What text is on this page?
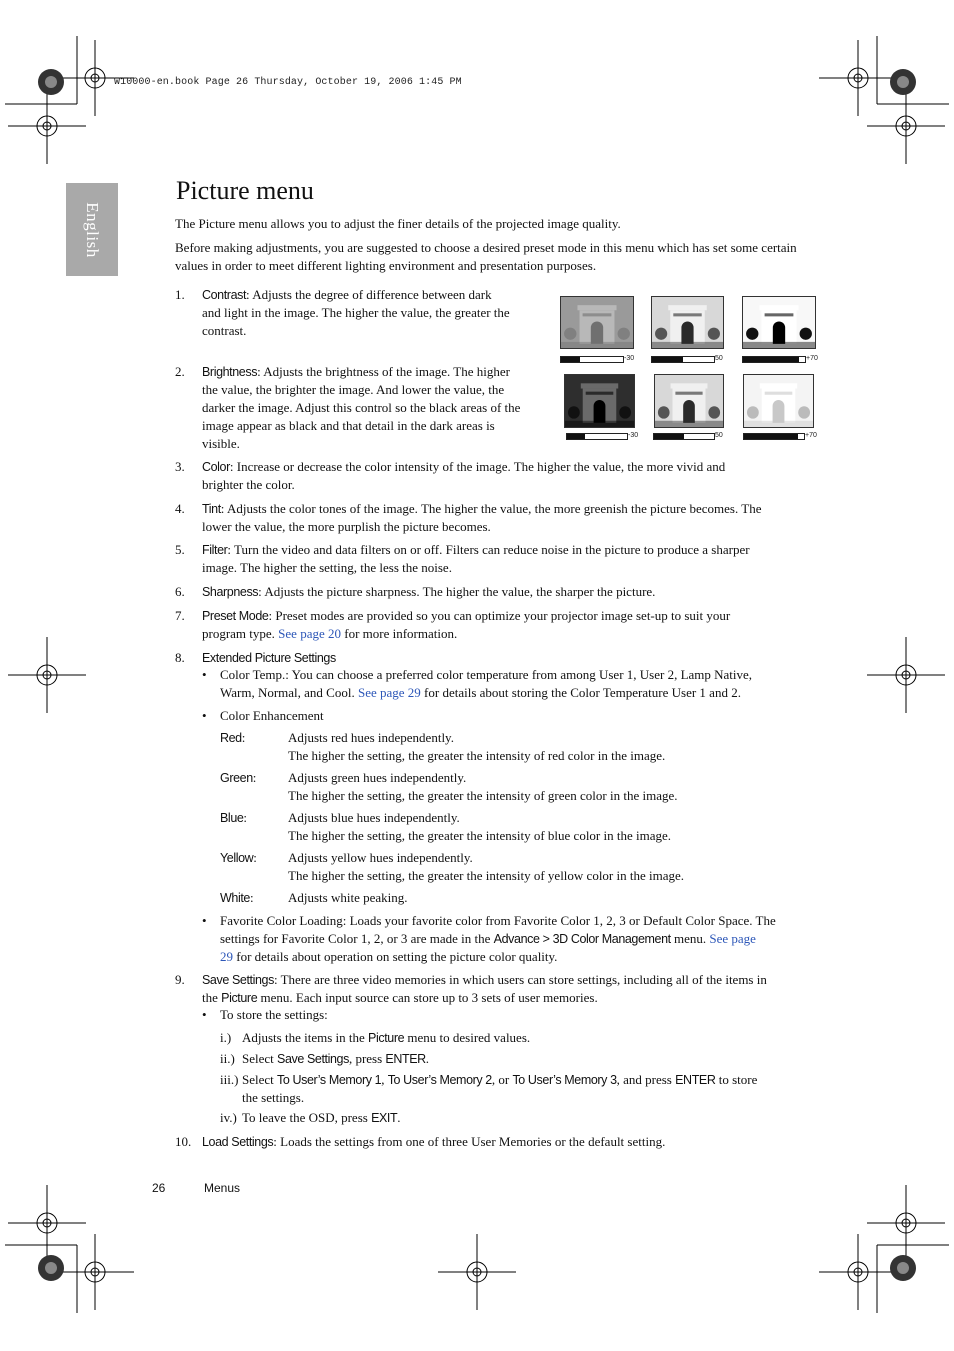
W10000-en.book Page 26 Thursday, October 19, 2006 1:45 PM
English
Picture menu

The Picture menu allows you to adjust the finer details of the projected image quality.

Before making adjustments, you are suggested to choose a desired preset mode in this menu which has set some certain values in order to meet different lighting environment and presentation purposes.

-30	50	+70
-30	50	+70
1.	Contrast: Adjusts the degree of difference between dark
and light in the image. The higher the value, the greater the
contrast.
2.	Brightness: Adjusts the brightness of the image. The higher
the value, the brighter the image. And lower the value, the
darker the image. Adjust this control so the black areas of the
image appear as black and that detail in the dark areas is
visible.
3.	Color: Increase or decrease the color intensity of the image. The higher the value, the more vivid and
brighter the color.
4.	Tint: Adjusts the color tones of the image. The higher the value, the more greenish the picture becomes. The
lower the value, the more purplish the picture becomes.
5.	Filter: Turn the video and data filters on or off. Filters can reduce noise in the picture to produce a sharper
image. The higher the setting, the less the noise.
6.	Sharpness: Adjusts the picture sharpness. The higher the value, the sharper the picture.
7.	Preset Mode: Preset modes are provided so you can optimize your projector image set-up to suit your
program type. See page 20 for more information.
8.	Extended Picture Settings
• Color Temp.: You can choose a preferred color temperature from among User 1, User 2, Lamp Native,
Warm, Normal, and Cool. See page 29 for details about storing the Color Temperature User 1 and 2.
• Color Enhancement
Red:	Adjusts red hues independently.
The higher the setting, the greater the intensity of red color in the image.
Green:	Adjusts green hues independently.
The higher the setting, the greater the intensity of green color in the image.
Blue:	Adjusts blue hues independently.
The higher the setting, the greater the intensity of blue color in the image.
Yellow:	Adjusts yellow hues independently.
The higher the setting, the greater the intensity of yellow color in the image.
White:	Adjusts white peaking.
• Favorite Color Loading: Loads your favorite color from Favorite Color 1, 2, 3 or Default Color Space. The
settings for Favorite Color 1, 2, or 3 are made in the Advance > 3D Color Management menu. See page
29 for details about operation on setting the picture color quality.
9.	Save Settings: There are three video memories in which users can store settings, including all of the items in
the Picture menu. Each input source can store up to 3 sets of user memories.
• To store the settings:
i.) Adjusts the items in the Picture menu to desired values.
ii.) Select Save Settings, press ENTER.
iii.) Select To User’s Memory 1, To User’s Memory 2, or To User’s Memory 3, and press ENTER to store
the settings.
iv.) To leave the OSD, press EXIT.
10. Load Settings: Loads the settings from one of three User Memories or the default setting.
26	Menus
